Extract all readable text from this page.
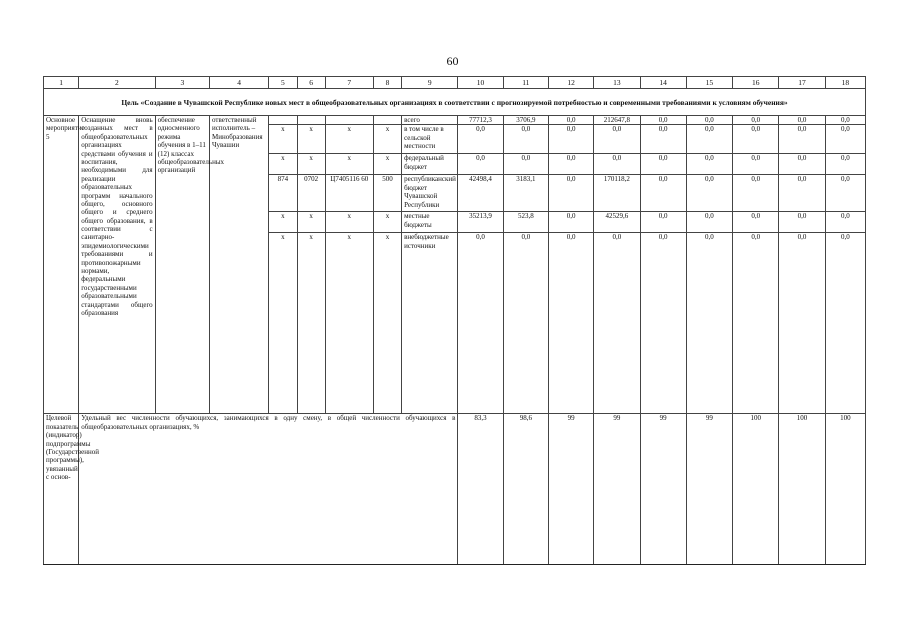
60
1	2	3	4	5	6	7	8	9	10	11	12	13	14	15	16	17	18
Цель «Создание в Чувашской Республике новых мест в общеобразовательных организациях в соответствии с прогнозируемой потребностью и современными требованиями к условиям обучения»																	
Основное мероприятие 5	Оснащение вновь созданных мест в общеобразовательных организациях средствами обучения и воспитания, необходимыми для реализации образовательных программ начального общего, основного общего и среднего общего образования, в соответствии с санитарно-эпидемиологическими требованиями и противопожарными нормами, федеральными государственными образовательными стандартами общего образования	обеспечение односменного режима обучения в 1–11 (12) классах общеобразовательных организаций	ответственный исполнитель – Минобразования Чувашии					всего	77712,3	3706,9	0,0	212647,8	0,0	0,0	0,0	0,0	0,0
				x	x	x	x	в том числе в сельской местности	0,0	0,0	0,0	0,0	0,0	0,0	0,0	0,0	0,0
				x	x	x	x	федеральный бюджет	0,0	0,0	0,0	0,0	0,0	0,0	0,0	0,0	0,0
				874	0702	Ц7405116 60	500	республиканский бюджет Чувашской Республики	42498,4	3183,1	0,0	170118,2	0,0	0,0	0,0	0,0	0,0
				x	x	x	x	местные бюджеты	35213,9	523,8	0,0	42529,6	0,0	0,0	0,0	0,0	0,0
				x	x	x	x	внебюджетные источники	0,0	0,0	0,0	0,0	0,0	0,0	0,0	0,0	0,0
Целевой показатель (индикатор) подпрограммы (Государственной программы), увязанный с основ-	Удельный вес численности обучающихся, занимающихся в одну смену, в общей численности обучающихся в общеобразовательных организациях, %								83,3	98,6	99	99	99	99	100	100	100
